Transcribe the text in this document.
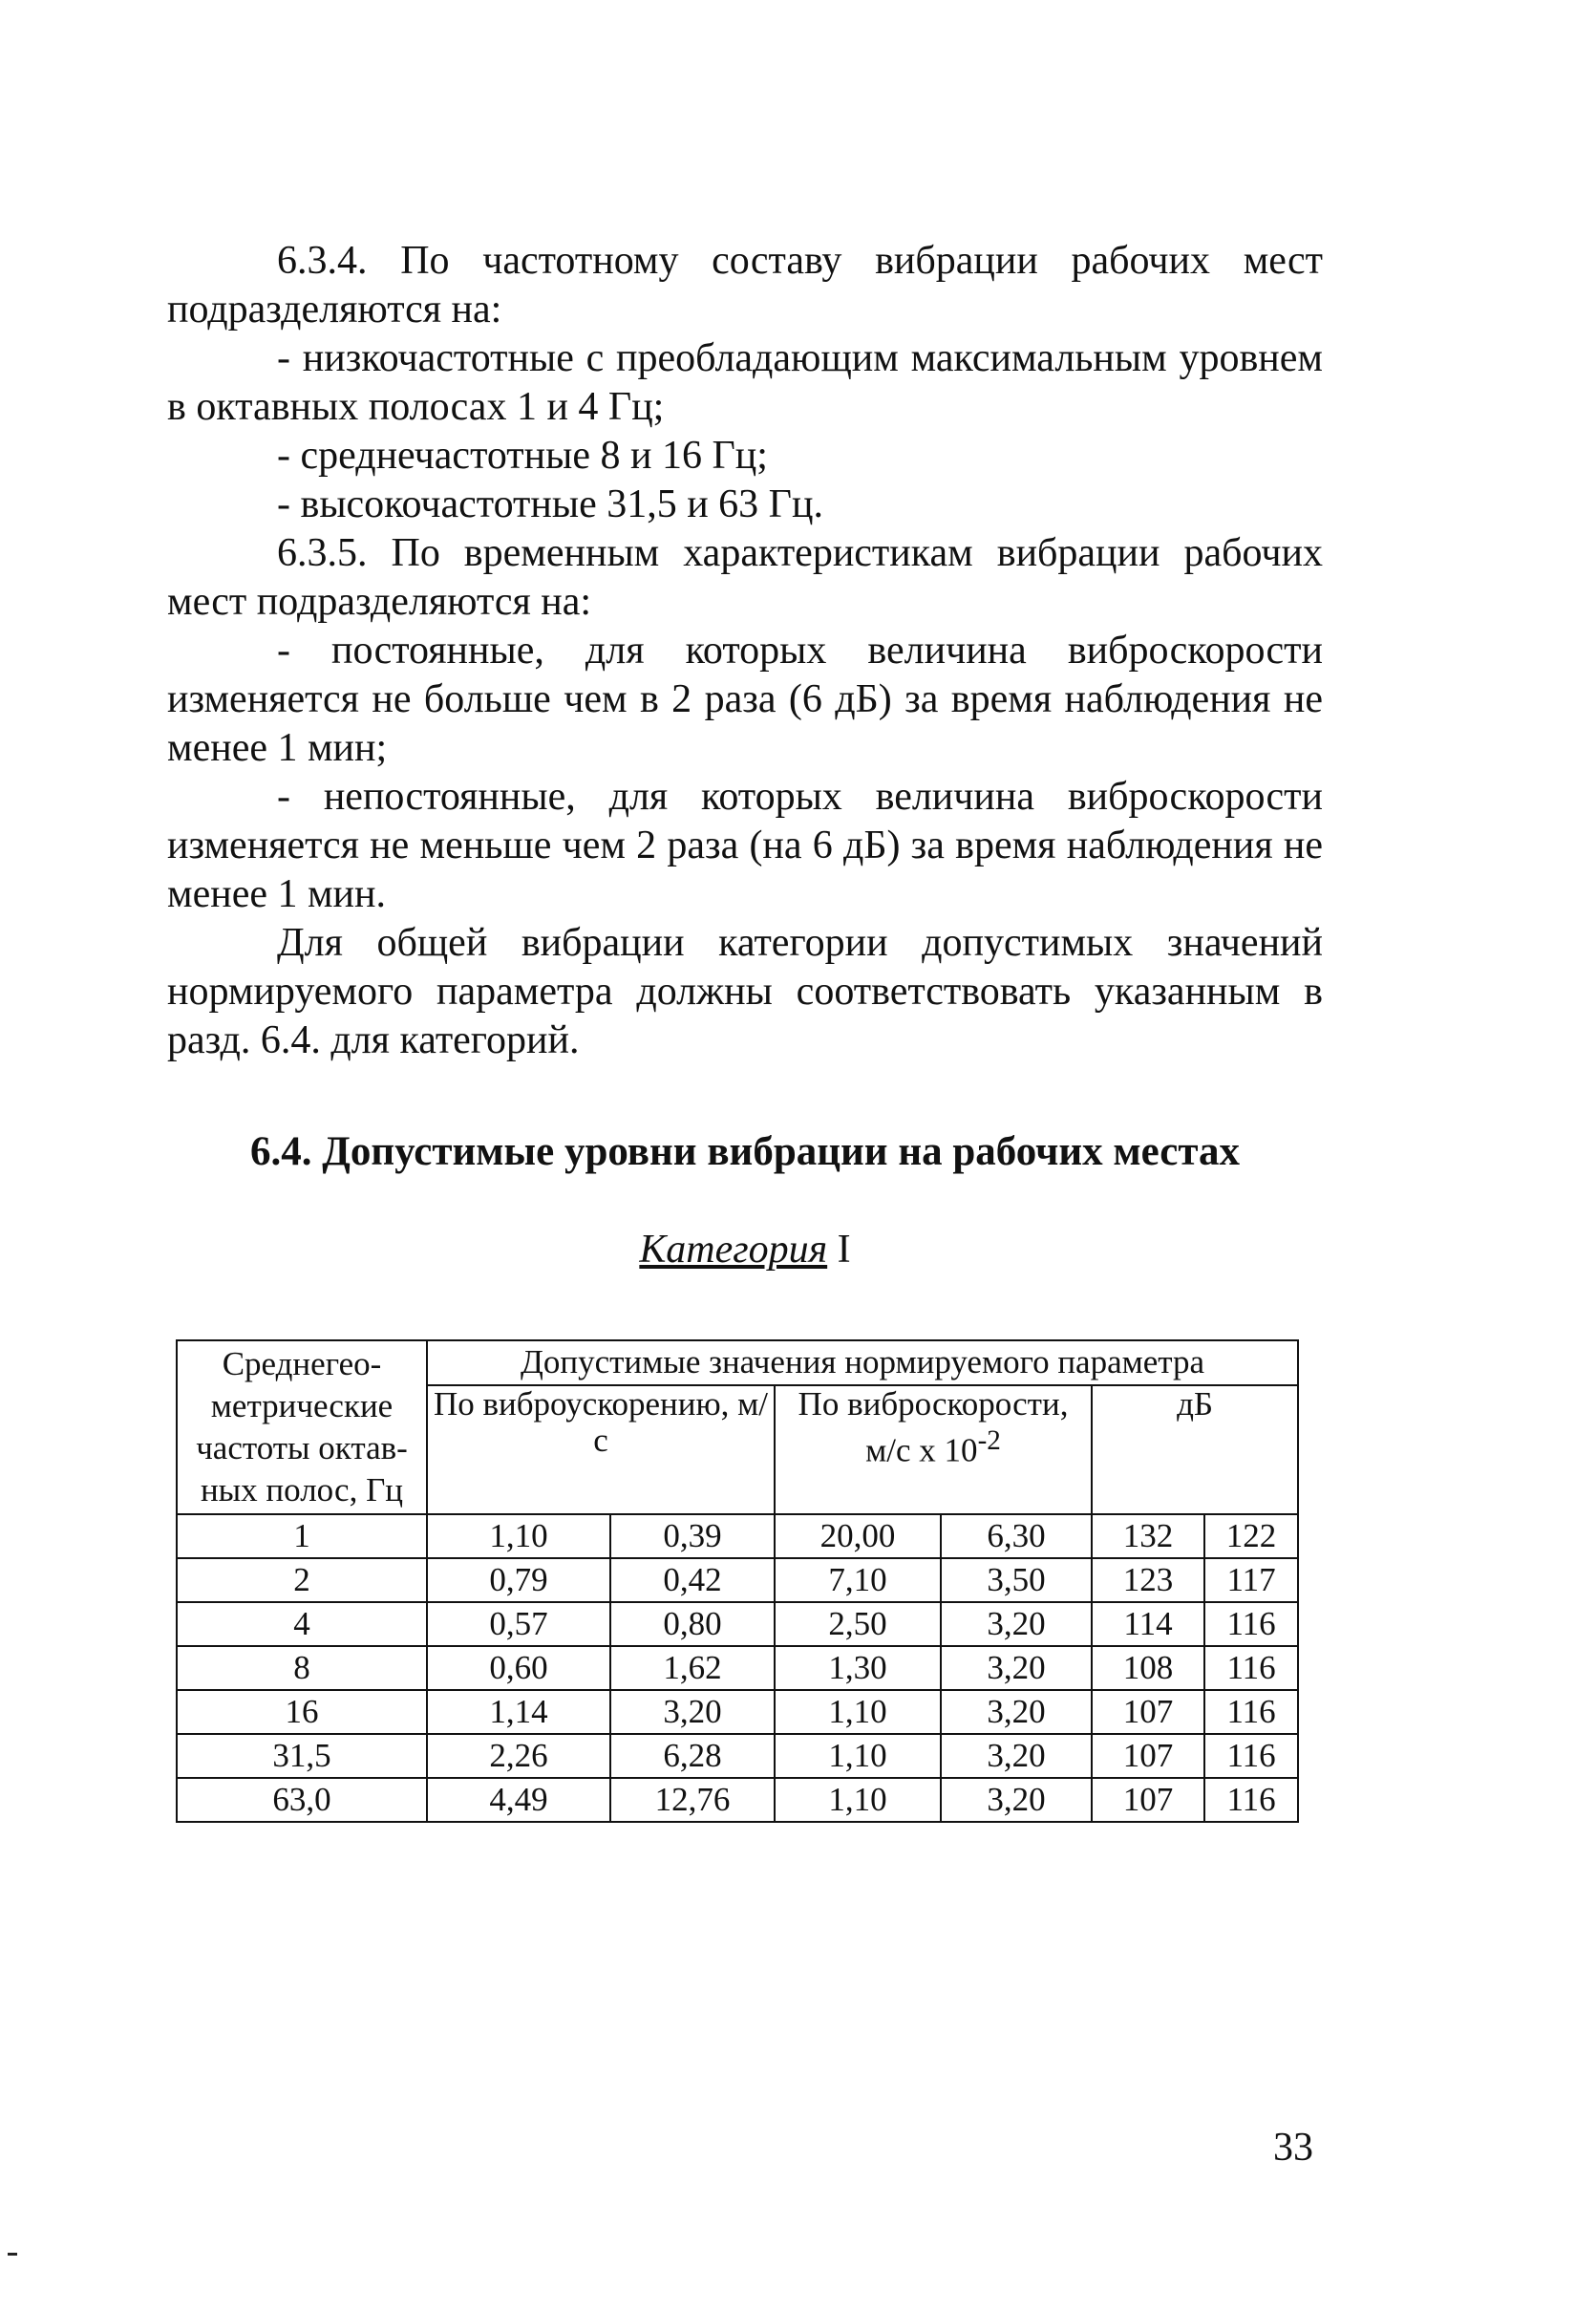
6.3.4. По частотному составу вибрации рабочих мест подразделяются на:

- низкочастотные с преобладающим максимальным уровнем в октавных полосах 1 и 4 Гц;

- среднечастотные 8 и 16 Гц;

- высокочастотные 31,5 и 63 Гц.

6.3.5. По временным характеристикам вибрации рабочих мест подразделяются на:

- постоянные, для которых величина виброскорости изменяется не больше чем в 2 раза (6 дБ) за время наблюдения не менее 1 мин;

- непостоянные, для которых величина виброскорости изменяется не меньше чем 2 раза (на 6 дБ) за время наблюдения не менее 1 мин.

Для общей вибрации категории допустимых значений нормируемого параметра должны соответствовать указанным в разд. 6.4. для категорий.

6.4. Допустимые уровни вибрации на рабочих местах
Категория I
Среднегео-метрические частоты октав-ных полос, Гц	Допустимые значения нормируемого параметра					
	По виброускорению, м/с		По виброскорости, м/с x $10^{-2}$		дБ	
1	1,10	0,39	20,00	6,30	132	122
2	0,79	0,42	7,10	3,50	123	117
4	0,57	0,80	2,50	3,20	114	116
8	0,60	1,62	1,30	3,20	108	116
16	1,14	3,20	1,10	3,20	107	116
31,5	2,26	6,28	1,10	3,20	107	116
63,0	4,49	12,76	1,10	3,20	107	116
33
